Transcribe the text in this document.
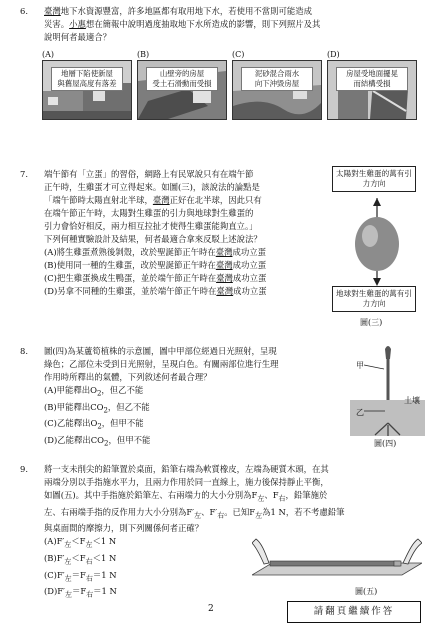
6. 臺灣地下水資源豐富，許多地區都有取用地下水，若使用不當則可能造成
災害。小惠想在簡報中說明過度抽取地下水所造成的影響，則下列照片及其
說明何者最適合？
(A)
地層下陷使新屋
與舊屋高度有落差
(B)
山壁旁的房屋
受土石滑動而受損
(C)
泥砂混合雨水
向下沖毀房屋
(D)
房屋受地面擺晃
而結構受損
7. 端午節有「立蛋」的習俗，網路上有民眾說只有在端午節
正午時，生雞蛋才可立得起來。如圖(三)，該說法的論點是
「端午節時太陽直射北半球，臺灣正好在北半球，因此只有
在端午節正午時，太陽對生雞蛋的引力與地球對生雞蛋的
引力會恰好相反，兩力相互拉扯才使得生雞蛋能夠直立。」
下列何種實驗設計及結果，何者最適合拿來反駁上述說法？
(A)將生雞蛋煮熟後剝殼，改於聖誕節正午時在臺灣成功立蛋
(B)使用同一種的生雞蛋，改於聖誕節正午時在臺灣成功立蛋
(C)把生雞蛋換成生鴨蛋，並於端午節正午時在臺灣成功立蛋
(D)另拿不同種的生雞蛋，並於端午節正午時在臺灣成功立蛋
太陽對生雞蛋的萬有引力方向
地球對生雞蛋的萬有引力方向
圖(三)
8. 圖(四)為某蘆筍植株的示意圖，圖中甲部位經過日光照射，呈現
綠色；乙部位未受到日光照射，呈現白色。有關兩部位進行生理
作用時所釋出的氣體，下列敘述何者最合理？
(A)甲能釋出$O_2$，但乙不能
(B)甲能釋出$CO_2$，但乙不能
(C)乙能釋出$O_2$，但甲不能
(D)乙能釋出$CO_2$，但甲不能
甲
乙
土壤
圖(四)
9. 將一支未削尖的鉛筆置於桌面，鉛筆右端為軟質橡皮，左端為硬質木頭，在其
兩端分別以手指施水平力，且兩力作用於同一直線上，施力後保持靜止平衡，
如圖(五)。其中手指施於鉛筆左、右兩端力的大小分別為$F_左$、$F_右$，鉛筆施於
左、右兩端手指的反作用力大小分別為$F'_左$、$F'_右$。已知$F_左$為1 N，若不考慮鉛筆
與桌面間的摩擦力，則下列關係何者正確？
$(A)F'_左<F_左<1$ N
$(B)F'_左<F_右<1$ N
$(C)F'_左=F_右=1$ N
$(D)F'_左=F_右=1$ N	圖(五)
2	請翻頁繼續作答
